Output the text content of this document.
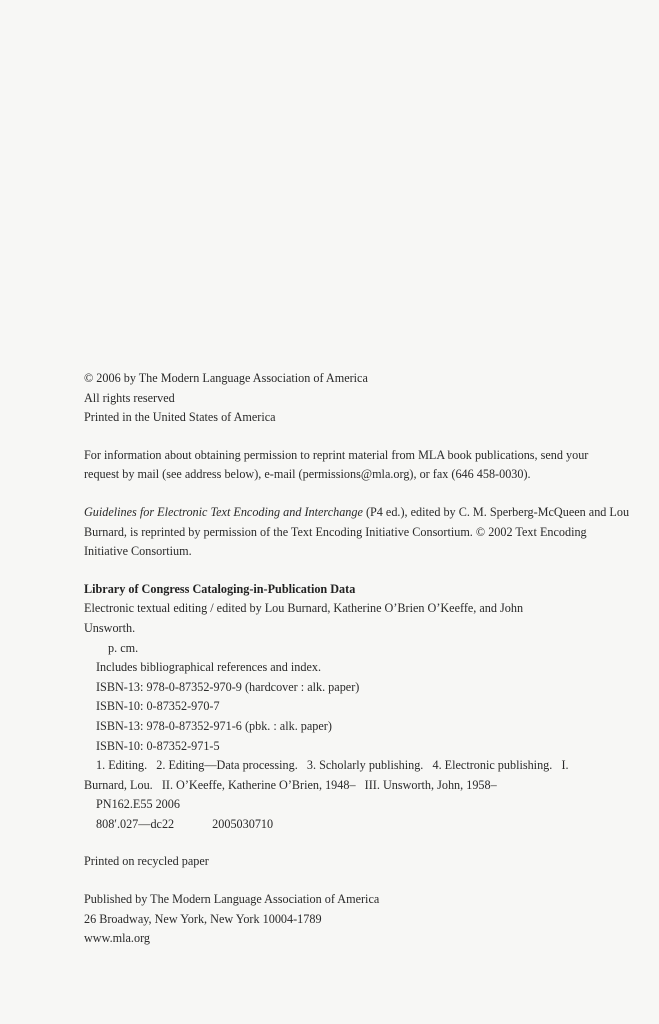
© 2006 by The Modern Language Association of America
All rights reserved
Printed in the United States of America
For information about obtaining permission to reprint material from MLA book publications, send your
request by mail (see address below), e-mail (permissions@mla.org), or fax (646 458-0030).
Guidelines for Electronic Text Encoding and Interchange (P4 ed.), edited by C. M. Sperberg-McQueen and Lou
Burnard, is reprinted by permission of the Text Encoding Initiative Consortium. © 2002 Text Encoding
Initiative Consortium.
Library of Congress Cataloging-in-Publication Data
Electronic textual editing / edited by Lou Burnard, Katherine O’Brien O’Keeffe, and John
Unsworth.
p. cm.
Includes bibliographical references and index.
ISBN-13: 978-0-87352-970-9 (hardcover : alk. paper)
ISBN-10: 0-87352-970-7
ISBN-13: 978-0-87352-971-6 (pbk. : alk. paper)
ISBN-10: 0-87352-971-5
1. Editing.   2. Editing—Data processing.   3. Scholarly publishing.   4. Electronic publishing.   I.
Burnard, Lou.   II. O’Keeffe, Katherine O’Brien, 1948–   III. Unsworth, John, 1958–
PN162.E55 2006
808′.027—dc22	2005030710
Printed on recycled paper
Published by The Modern Language Association of America
26 Broadway, New York, New York 10004-1789
www.mla.org
